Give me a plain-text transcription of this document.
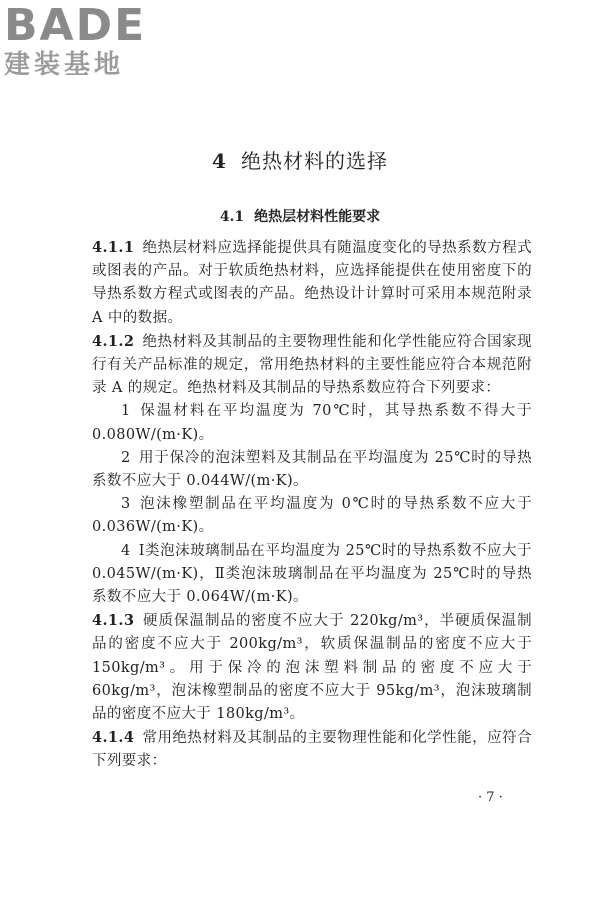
BADE
建装基地
4 绝热材料的选择
4.1 绝热层材料性能要求

4.1.1 绝热层材料应选择能提供具有随温度变化的导热系数方程式或图表的产品。对于软质绝热材料，应选择能提供在使用密度下的导热系数方程式或图表的产品。绝热设计计算时可采用本规范附录 A 中的数据。

4.1.2 绝热材料及其制品的主要物理性能和化学性能应符合国家现行有关产品标准的规定，常用绝热材料的主要性能应符合本规范附录 A 的规定。绝热材料及其制品的导热系数应符合下列要求：

1 保温材料在平均温度为 70℃时，其导热系数不得大于 0.080W/(m·K)。

2 用于保冷的泡沫塑料及其制品在平均温度为 25℃时的导热系数不应大于 0.044W/(m·K)。

3 泡沫橡塑制品在平均温度为 0℃时的导热系数不应大于 0.036W/(m·K)。

4 Ⅰ类泡沫玻璃制品在平均温度为 25℃时的导热系数不应大于 0.045W/(m·K)，Ⅱ类泡沫玻璃制品在平均温度为 25℃时的导热系数不应大于 0.064W/(m·K)。

4.1.3 硬质保温制品的密度不应大于 220kg/m³，半硬质保温制品的密度不应大于 200kg/m³，软质保温制品的密度不应大于 150kg/m³。用于保冷的泡沫塑料制品的密度不应大于 60kg/m³，泡沫橡塑制品的密度不应大于 95kg/m³，泡沫玻璃制品的密度不应大于 180kg/m³。

4.1.4 常用绝热材料及其制品的主要物理性能和化学性能，应符合下列要求：

· 7 ·
